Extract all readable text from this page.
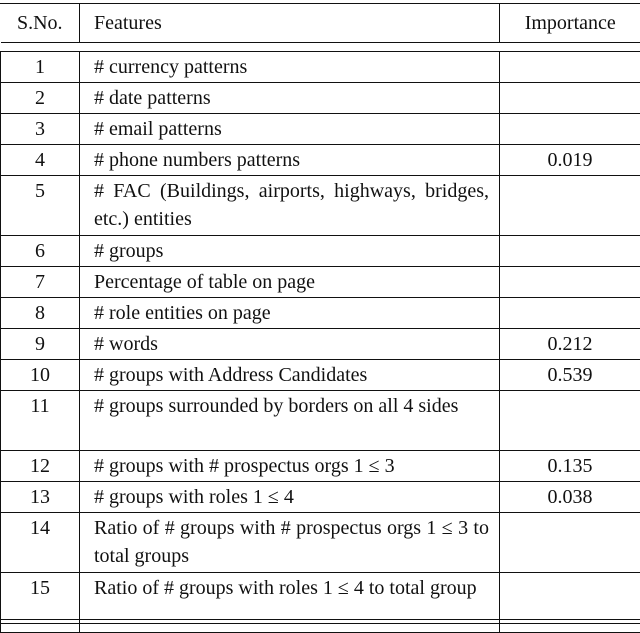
S.No.	Features	Importance

1	# currency patterns	
2	# date patterns	
3	# email patterns	
4	# phone numbers patterns	0.019
5	# FAC (Buildings, airports, highways, bridges, etc.) entities	
6	# groups	
7	Percentage of table on page	
8	# role entities on page	
9	# words	0.212
10	# groups with Address Candidates	0.539
11	# groups surrounded by borders on all 4 sides	
12	# groups with # prospectus orgs 1 ≤ 3	0.135
13	# groups with roles 1 ≤ 4	0.038
14	Ratio of # groups with # prospectus orgs 1 ≤ 3 to total groups	
15	Ratio of # groups with roles 1 ≤ 4 to total group	
